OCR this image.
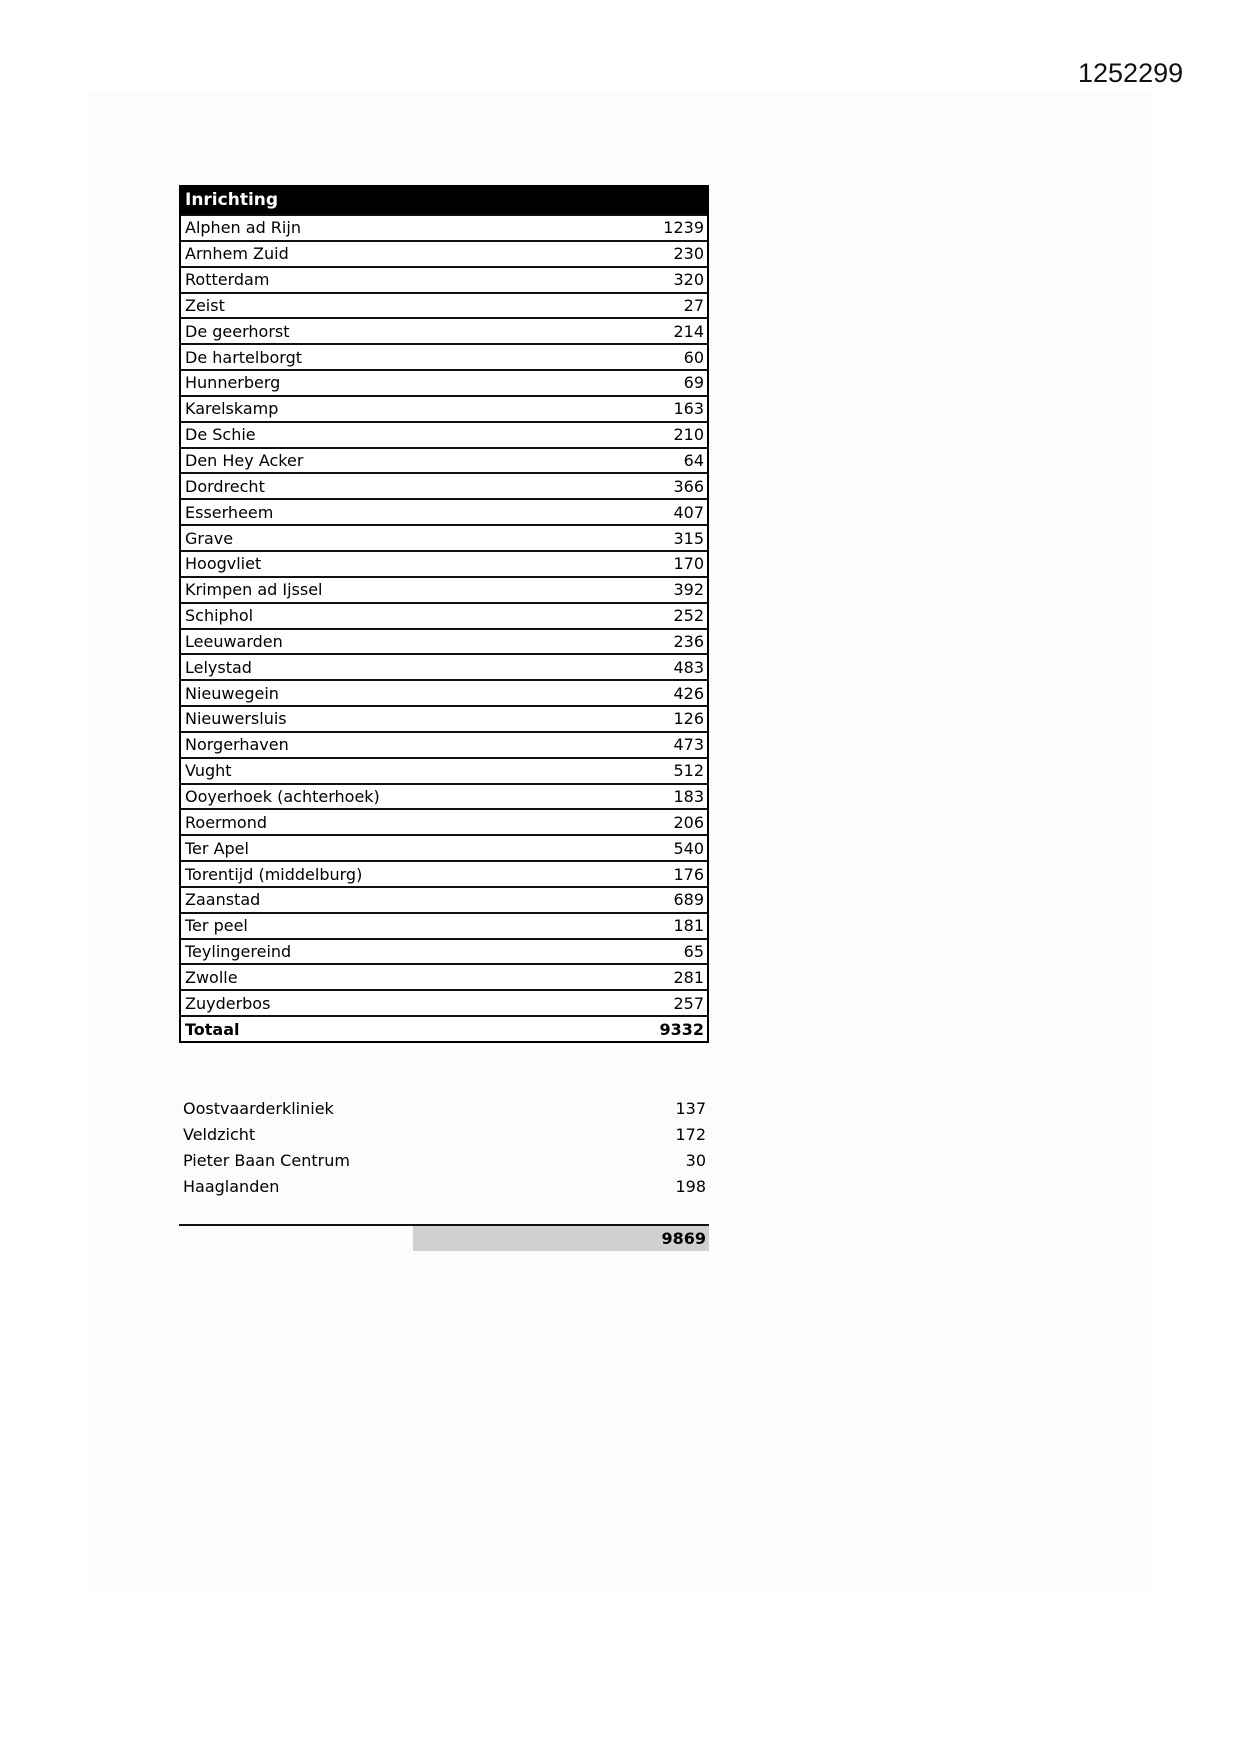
1252299
Inrichting
Alphen ad Rijn	1239
Arnhem Zuid	230
Rotterdam	320
Zeist	27
De geerhorst	214
De hartelborgt	60
Hunnerberg	69
Karelskamp	163
De Schie	210
Den Hey Acker	64
Dordrecht	366
Esserheem	407
Grave	315
Hoogvliet	170
Krimpen ad Ijssel	392
Schiphol	252
Leeuwarden	236
Lelystad	483
Nieuwegein	426
Nieuwersluis	126
Norgerhaven	473
Vught	512
Ooyerhoek (achterhoek)	183
Roermond	206
Ter Apel	540
Torentijd (middelburg)	176
Zaanstad	689
Ter peel	181
Teylingereind	65
Zwolle	281
Zuyderbos	257
Totaal	9332
Oostvaarderkliniek	137
Veldzicht	172
Pieter Baan Centrum	30
Haaglanden	198
9869
